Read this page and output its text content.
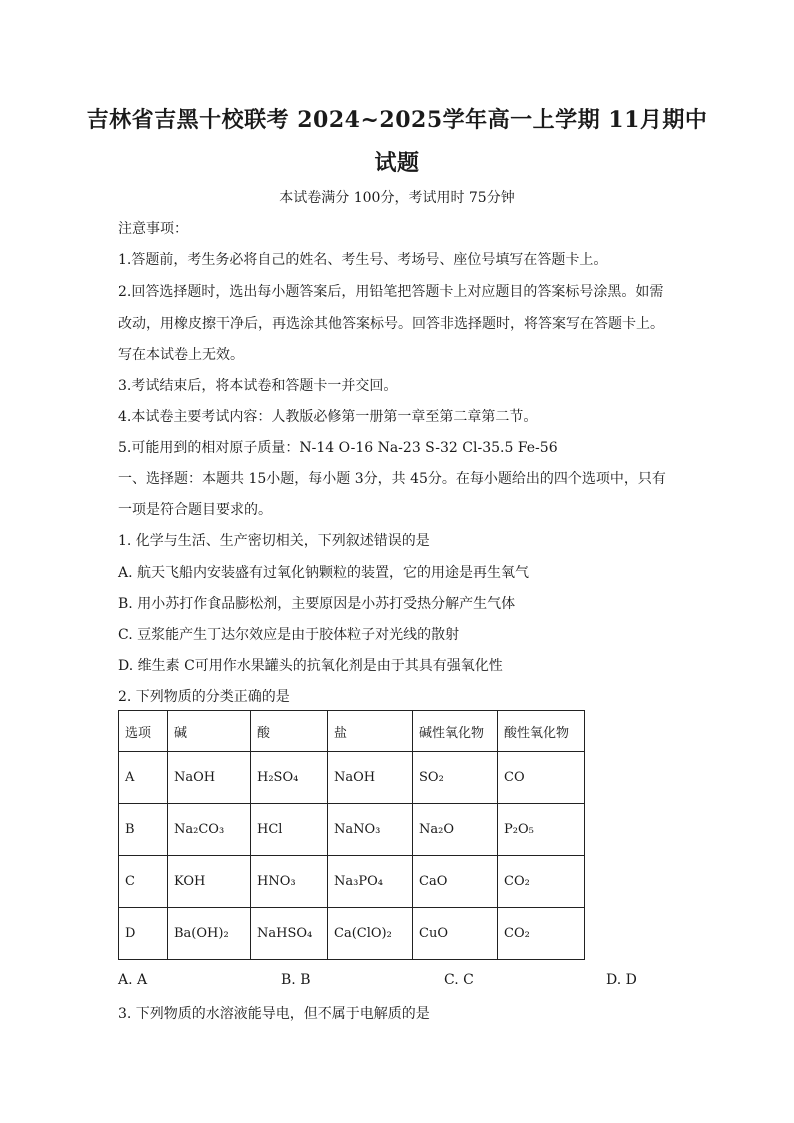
吉林省吉黑十校联考 2024~2025学年高一上学期 11月期中
试题
本试卷满分 100分，考试用时 75分钟
注意事项：
1.答题前，考生务必将自己的姓名、考生号、考场号、座位号填写在答题卡上。
2.回答选择题时，选出每小题答案后，用铅笔把答题卡上对应题目的答案标号涂黑。如需
改动，用橡皮擦干净后，再选涂其他答案标号。回答非选择题时，将答案写在答题卡上。
写在本试卷上无效。
3.考试结束后，将本试卷和答题卡一并交回。
4.本试卷主要考试内容：人教版必修第一册第一章至第二章第二节。
5.可能用到的相对原子质量：N-14 O-16 Na-23 S-32 Cl-35.5 Fe-56
一、选择题：本题共 15小题，每小题 3分，共 45分。在每小题给出的四个选项中，只有
一项是符合题目要求的。
1. 化学与生活、生产密切相关，下列叙述错误的是
A. 航天飞船内安装盛有过氧化钠颗粒的装置，它的用途是再生氧气
B. 用小苏打作食品膨松剂，主要原因是小苏打受热分解产生气体
C. 豆浆能产生丁达尔效应是由于胶体粒子对光线的散射
D. 维生素 C可用作水果罐头的抗氧化剂是由于其具有强氧化性
2. 下列物质的分类正确的是
选项	碱	酸	盐	碱性氧化物	酸性氧化物
A	NaOH	H₂SO₄	NaOH	SO₂	CO
B	Na₂CO₃	HCl	NaNO₃	Na₂O	P₂O₅
C	KOH	HNO₃	Na₃PO₄	CaO	CO₂
D	Ba(OH)₂	NaHSO₄	Ca(ClO)₂	CuO	CO₂
A. A	B. B	C. C	D. D
3. 下列物质的水溶液能导电，但不属于电解质的是
